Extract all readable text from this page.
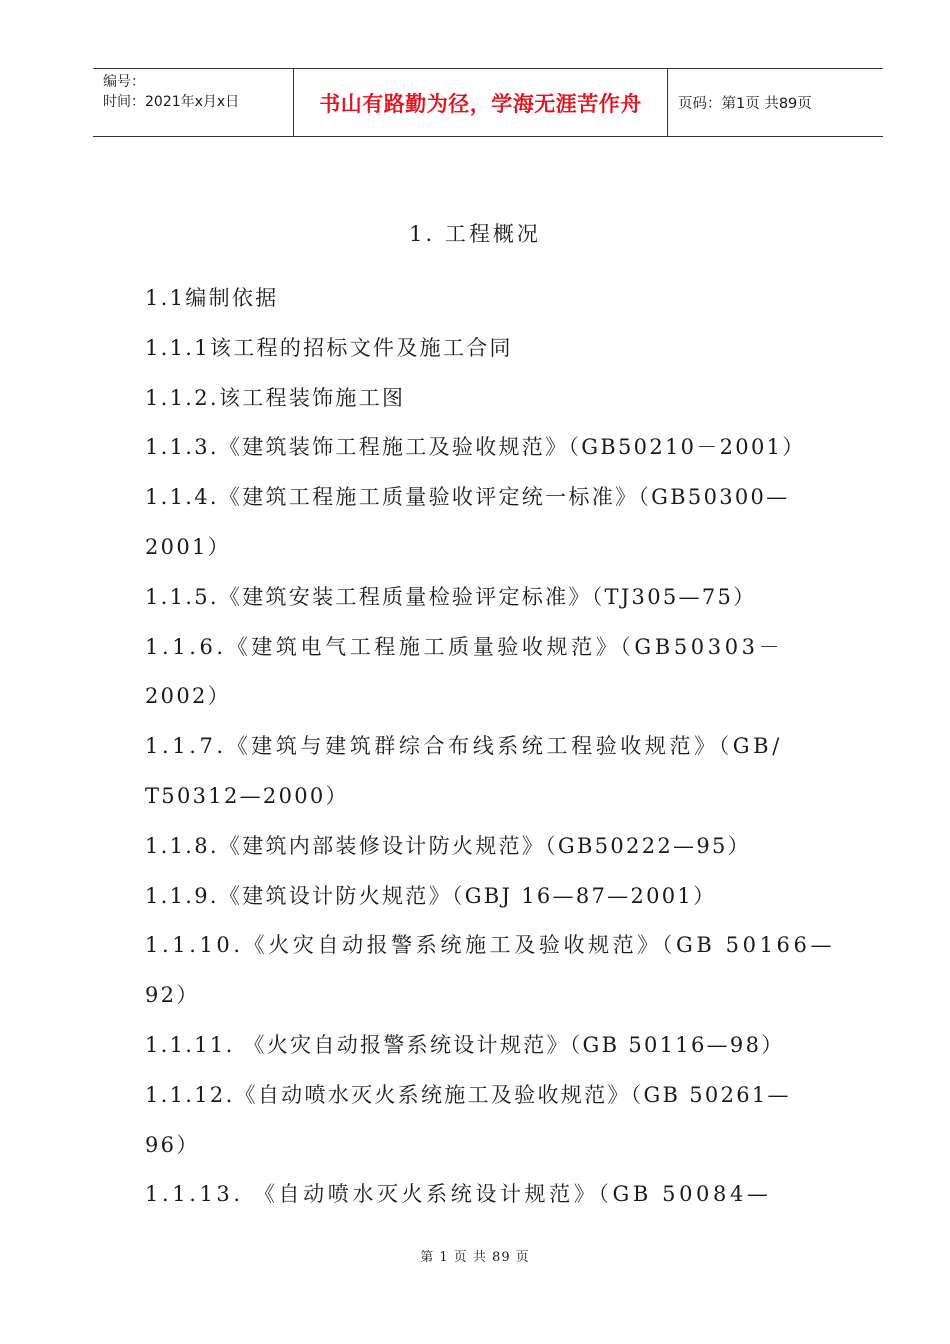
编号：
时间：2021年x月x日	书山有路勤为径，学海无涯苦作舟	页码：第1页 共89页
1. 工程概况
1.1编制依据
1.1.1该工程的招标文件及施工合同
1.1.2.该工程装饰施工图
1.1.3.《建筑装饰工程施工及验收规范》（GB50210－2001）
1.1.4.《建筑工程施工质量验收评定统一标准》（GB50300—
2001）
1.1.5.《建筑安装工程质量检验评定标准》（TJ305—75）
1.1.6.《建筑电气工程施工质量验收规范》（GB50303－
2002）
1.1.7.《建筑与建筑群综合布线系统工程验收规范》（GB/
T50312—2000）
1.1.8.《建筑内部装修设计防火规范》（GB50222—95）
1.1.9.《建筑设计防火规范》（GBJ 16—87—2001）
1.1.10.《火灾自动报警系统施工及验收规范》（GB 50166—
92）
1.1.11. 《火灾自动报警系统设计规范》（GB 50116—98）
1.1.12.《自动喷水灭火系统施工及验收规范》（GB 50261—
96）
1.1.13. 《自动喷水灭火系统设计规范》（GB 50084—
第 1 页 共 89 页
